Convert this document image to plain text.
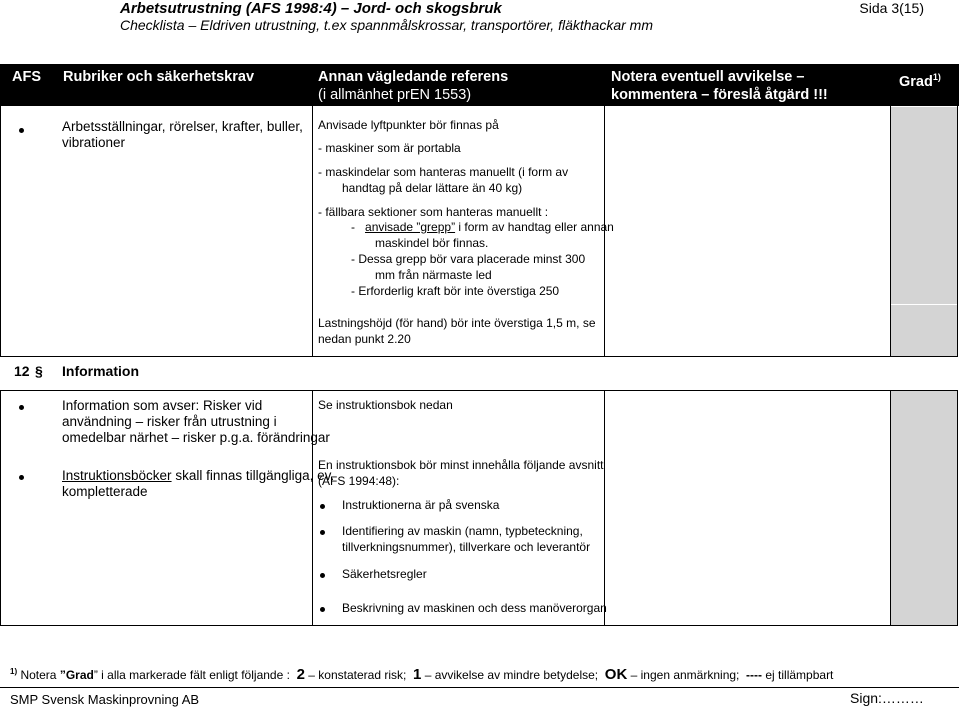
Arbetsutrustning (AFS 1998:4) – Jord- och skogsbruk
Checklista – Eldriven utrustning, t.ex spannmålskrossar, transportörer, fläkthackar mm
Sida 3(15)
AFS Rubriker och säkerhetskrav	Annan vägledande referens
(i allmänhet prEN 1553)
Notera eventuell avvikelse –
kommentera – föreslå åtgärd !!!
Grad$^{1)}$
Arbetsställningar, rörelser, krafter, buller,
vibrationer
Anvisade lyftpunkter bör finnas på
- maskiner som är portabla
- maskindelar som hanteras manuellt (i form av
handtag på delar lättare än 40 kg)
- fällbara sektioner som hanteras manuellt :
- anvisade ”grepp” i form av handtag eller annan
maskindel bör finnas.
- Dessa grepp bör vara placerade minst 300
mm från närmaste led
- Erforderlig kraft bör inte överstiga 250
Lastningshöjd (för hand) bör inte överstiga 1,5 m, se
nedan punkt 2.20
12 § Information
Information som avser: Risker vid
användning – risker från utrustning i
omedelbar närhet – risker p.g.a. förändringar
Se instruktionsbok nedan
Instruktionsböcker skall finnas tillgängliga, ev.
kompletterade
En instruktionsbok bör minst innehålla följande avsnitt
(AFS 1994:48):
Instruktionerna är på svenska
Identifiering av maskin (namn, typbeteckning,
tillverkningsnummer), tillverkare och leverantör
Säkerhetsregler
Beskrivning av maskinen och dess manöverorgan
$^{1)}$ Notera ”Grad” i alla markerade fält enligt följande : 2 – konstaterad risk; 1 – avvikelse av mindre betydelse; OK – ingen anmärkning; ---- ej tillämpbart
SMP Svensk Maskinprovning AB	Sign:………
